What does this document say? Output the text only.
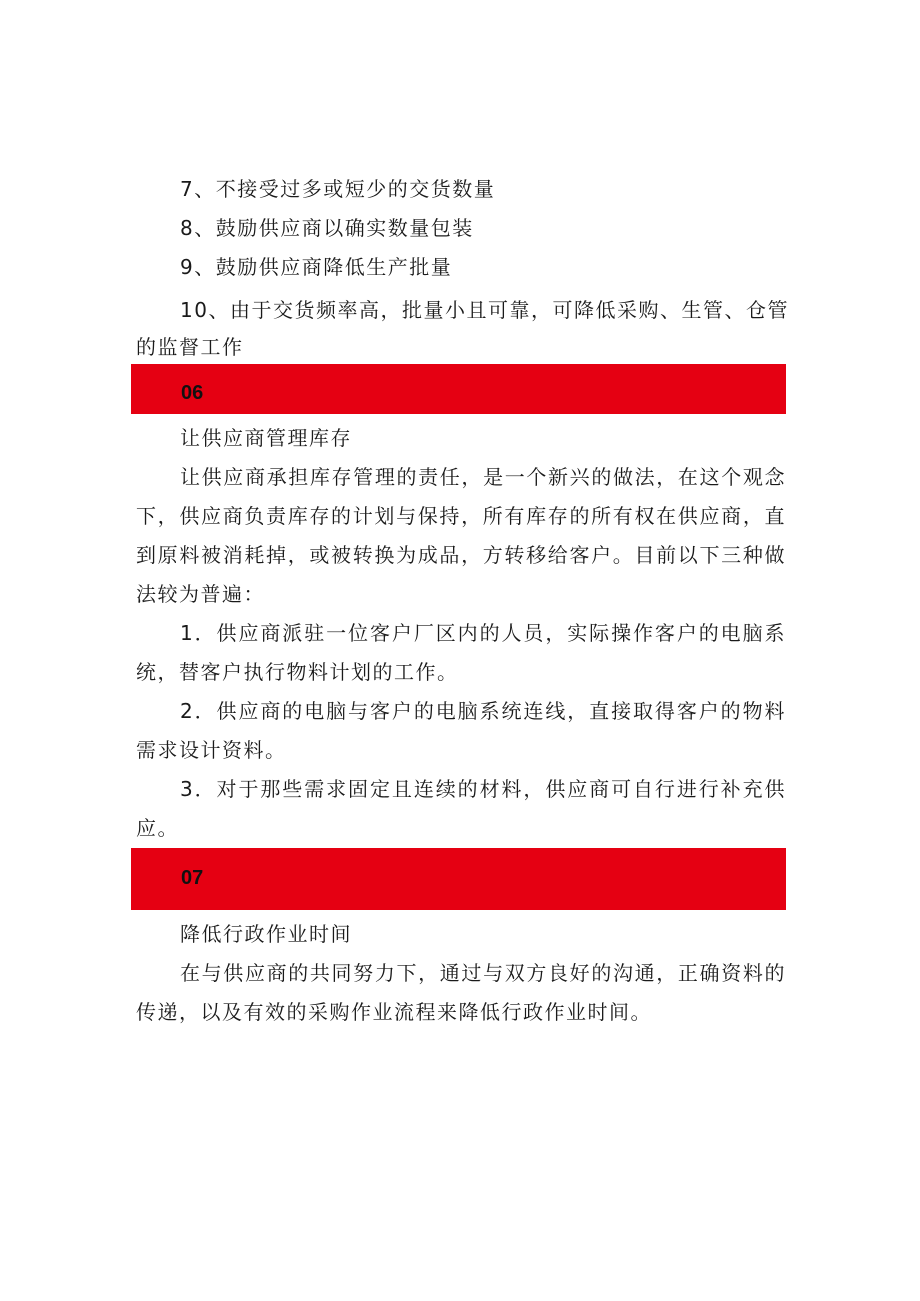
7、不接受过多或短少的交货数量
8、鼓励供应商以确实数量包装
9、鼓励供应商降低生产批量
10、由于交货频率高，批量小且可靠，可降低采购、生管、仓管
的监督工作
06
让供应商管理库存
让供应商承担库存管理的责任，是一个新兴的做法，在这个观念
下，供应商负责库存的计划与保持，所有库存的所有权在供应商，直
到原料被消耗掉，或被转换为成品，方转移给客户。目前以下三种做
法较为普遍：
1．供应商派驻一位客户厂区内的人员，实际操作客户的电脑系
统，替客户执行物料计划的工作。
2．供应商的电脑与客户的电脑系统连线，直接取得客户的物料
需求设计资料。
3．对于那些需求固定且连续的材料，供应商可自行进行补充供
应。
07
降低行政作业时间
在与供应商的共同努力下，通过与双方良好的沟通，正确资料的
传递，以及有效的采购作业流程来降低行政作业时间。
